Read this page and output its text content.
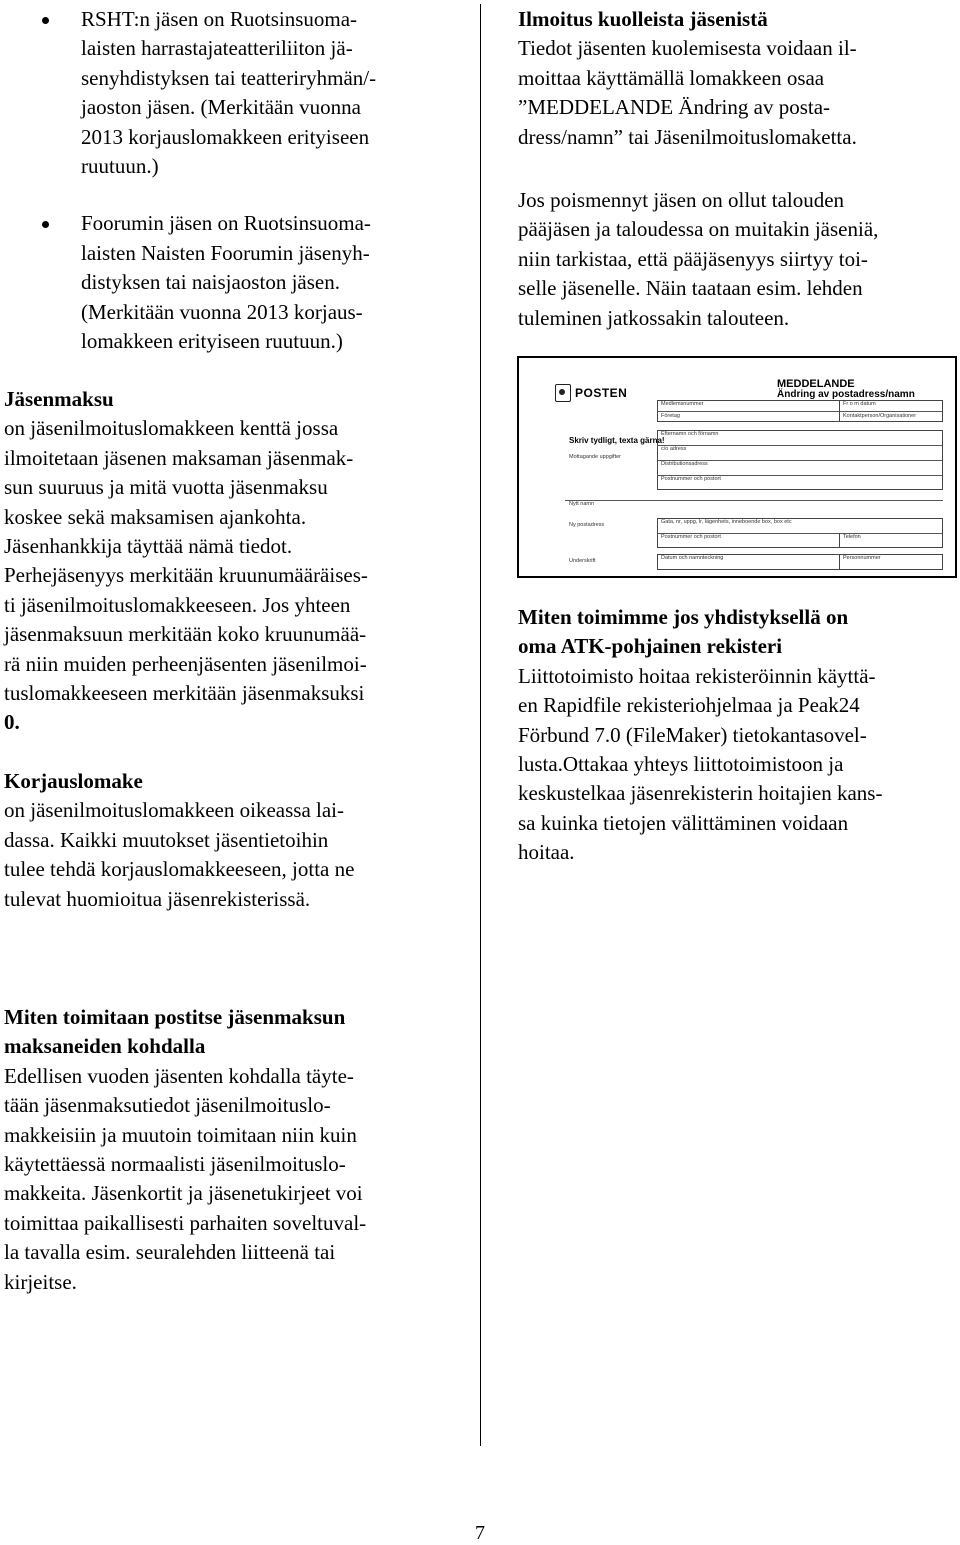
RSHT:n jäsen on Ruotsinsuoma-

laisten harrastajateatteriliiton jä-

senyhdistyksen tai teatteriryhmän/-

jaoston jäsen. (Merkitään vuonna

2013 korjauslomakkeen erityiseen

ruutuun.)

Foorumin jäsen on Ruotsinsuoma-

laisten Naisten Foorumin jäsenyh-

distyksen tai naisjaoston jäsen.

(Merkitään vuonna 2013 korjaus-

lomakkeen erityiseen ruutuun.)

Jäsenmaksu

on jäsenilmoituslomakkeen kenttä jossa

ilmoitetaan jäsenen maksaman jäsenmak-

sun suuruus ja mitä vuotta jäsenmaksu

koskee sekä maksamisen ajankohta.

Jäsenhankkija täyttää nämä tiedot.

Perhejäsenyys merkitään kruunumääräises-

ti jäsenilmoituslomakkeeseen. Jos yhteen

jäsenmaksuun merkitään koko kruunumää-

rä niin muiden perheenjäsenten jäsenilmoi-

tuslomakkeeseen merkitään jäsenmaksuksi

0.

Korjauslomake

on jäsenilmoituslomakkeen oikeassa lai-

dassa. Kaikki muutokset jäsentietoihin

tulee tehdä korjauslomakkeeseen, jotta ne

tulevat huomioitua jäsenrekisterissä.

Miten toimitaan postitse jäsenmaksun

maksaneiden kohdalla

Edellisen vuoden jäsenten kohdalla täyte-

tään jäsenmaksutiedot jäsenilmoituslo-

makkeisiin ja muutoin toimitaan niin kuin

käytettäessä normaalisti jäsenilmoituslo-

makkeita. Jäsenkortit ja jäsenetukirjeet voi

toimittaa paikallisesti parhaiten soveltuval-

la tavalla esim. seuralehden liitteenä tai

kirjeitse.

Ilmoitus kuolleista jäsenistä

Tiedot jäsenten kuolemisesta voidaan il-

moittaa käyttämällä lomakkeen osaa

”MEDDELANDE Ändring av posta-

dress/namn” tai Jäsenilmoituslomaketta.

Jos poismennyt jäsen on ollut talouden

pääjäsen ja taloudessa on muitakin jäseniä,

niin tarkistaa, että pääjäsenyys siirtyy toi-

selle jäsenelle. Näin taataan esim. lehden

tuleminen jatkossakin talouteen.

POSTEN
MEDDELANDE
Ändring av postadress/namn
Skriv tydligt, texta gärna!
Medlemsnummer	Fr o m datum
Företag	Kontaktperson/Organisationer
Efternamn och förnamn
c/o adress
Distributionsadress
Postnummer och postort
Mottagande uppgifter
Nytt namn
Ny postadress	Gata, nr, uppg, lr, lägenhets, inneboende box, box etc
Postnummer och postort	Telefon
Underskrift	Datum och namnteckning	Personnummer

Miten toimimme jos yhdistyksellä on

oma ATK-pohjainen rekisteri

Liittotoimisto hoitaa rekisteröinnin käyttä-

en Rapidfile rekisteriohjelmaa ja Peak24

Förbund 7.0 (FileMaker) tietokantasovel-

lusta.Ottakaa yhteys liittotoimistoon ja

keskustelkaa jäsenrekisterin hoitajien kans-

sa kuinka tietojen välittäminen voidaan

hoitaa.

7
